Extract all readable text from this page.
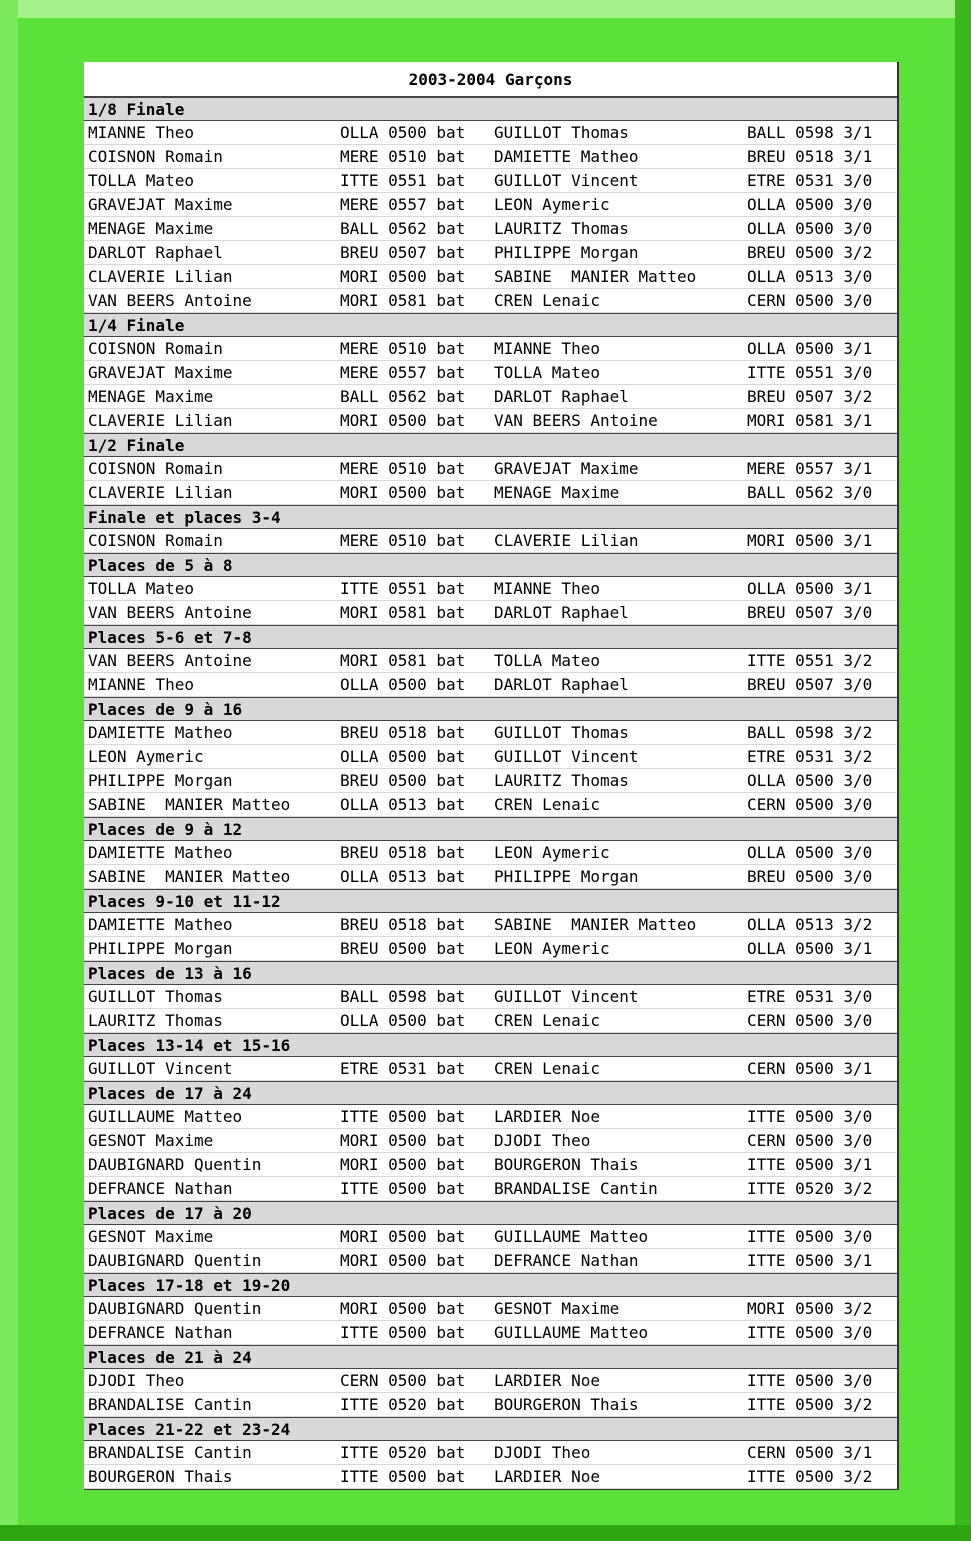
2003-2004 Garçons
1/8 Finale
MIANNE Theo	OLLA 0500 bat GUILLOT Thomas	BALL 0598 3/1
COISNON Romain	MERE 0510 bat DAMIETTE Matheo	BREU 0518 3/1
TOLLA Mateo	ITTE 0551 bat GUILLOT Vincent	ETRE 0531 3/0
GRAVEJAT Maxime	MERE 0557 bat LEON Aymeric	OLLA 0500 3/0
MENAGE Maxime	BALL 0562 bat LAURITZ Thomas	OLLA 0500 3/0
DARLOT Raphael	BREU 0507 bat PHILIPPE Morgan	BREU 0500 3/2
CLAVERIE Lilian	MORI 0500 bat SABINE  MANIER Matteo	OLLA 0513 3/0
VAN BEERS Antoine	MORI 0581 bat CREN Lenaic	CERN 0500 3/0
1/4 Finale
COISNON Romain	MERE 0510 bat MIANNE Theo	OLLA 0500 3/1
GRAVEJAT Maxime	MERE 0557 bat TOLLA Mateo	ITTE 0551 3/0
MENAGE Maxime	BALL 0562 bat DARLOT Raphael	BREU 0507 3/2
CLAVERIE Lilian	MORI 0500 bat VAN BEERS Antoine	MORI 0581 3/1
1/2 Finale
COISNON Romain	MERE 0510 bat GRAVEJAT Maxime	MERE 0557 3/1
CLAVERIE Lilian	MORI 0500 bat MENAGE Maxime	BALL 0562 3/0
Finale et places 3-4
COISNON Romain	MERE 0510 bat CLAVERIE Lilian	MORI 0500 3/1
Places de 5 à 8
TOLLA Mateo	ITTE 0551 bat MIANNE Theo	OLLA 0500 3/1
VAN BEERS Antoine	MORI 0581 bat DARLOT Raphael	BREU 0507 3/0
Places 5-6 et 7-8
VAN BEERS Antoine	MORI 0581 bat TOLLA Mateo	ITTE 0551 3/2
MIANNE Theo	OLLA 0500 bat DARLOT Raphael	BREU 0507 3/0
Places de 9 à 16
DAMIETTE Matheo	BREU 0518 bat GUILLOT Thomas	BALL 0598 3/2
LEON Aymeric	OLLA 0500 bat GUILLOT Vincent	ETRE 0531 3/2
PHILIPPE Morgan	BREU 0500 bat LAURITZ Thomas	OLLA 0500 3/0
SABINE  MANIER Matteo	OLLA 0513 bat CREN Lenaic	CERN 0500 3/0
Places de 9 à 12
DAMIETTE Matheo	BREU 0518 bat LEON Aymeric	OLLA 0500 3/0
SABINE  MANIER Matteo	OLLA 0513 bat PHILIPPE Morgan	BREU 0500 3/0
Places 9-10 et 11-12
DAMIETTE Matheo	BREU 0518 bat SABINE  MANIER Matteo	OLLA 0513 3/2
PHILIPPE Morgan	BREU 0500 bat LEON Aymeric	OLLA 0500 3/1
Places de 13 à 16
GUILLOT Thomas	BALL 0598 bat GUILLOT Vincent	ETRE 0531 3/0
LAURITZ Thomas	OLLA 0500 bat CREN Lenaic	CERN 0500 3/0
Places 13-14 et 15-16
GUILLOT Vincent	ETRE 0531 bat CREN Lenaic	CERN 0500 3/1
Places de 17 à 24
GUILLAUME Matteo	ITTE 0500 bat LARDIER Noe	ITTE 0500 3/0
GESNOT Maxime	MORI 0500 bat DJODI Theo	CERN 0500 3/0
DAUBIGNARD Quentin	MORI 0500 bat BOURGERON Thais	ITTE 0500 3/1
DEFRANCE Nathan	ITTE 0500 bat BRANDALISE Cantin	ITTE 0520 3/2
Places de 17 à 20
GESNOT Maxime	MORI 0500 bat GUILLAUME Matteo	ITTE 0500 3/0
DAUBIGNARD Quentin	MORI 0500 bat DEFRANCE Nathan	ITTE 0500 3/1
Places 17-18 et 19-20
DAUBIGNARD Quentin	MORI 0500 bat GESNOT Maxime	MORI 0500 3/2
DEFRANCE Nathan	ITTE 0500 bat GUILLAUME Matteo	ITTE 0500 3/0
Places de 21 à 24
DJODI Theo	CERN 0500 bat LARDIER Noe	ITTE 0500 3/0
BRANDALISE Cantin	ITTE 0520 bat BOURGERON Thais	ITTE 0500 3/2
Places 21-22 et 23-24
BRANDALISE Cantin	ITTE 0520 bat DJODI Theo	CERN 0500 3/1
BOURGERON Thais	ITTE 0500 bat LARDIER Noe	ITTE 0500 3/2
